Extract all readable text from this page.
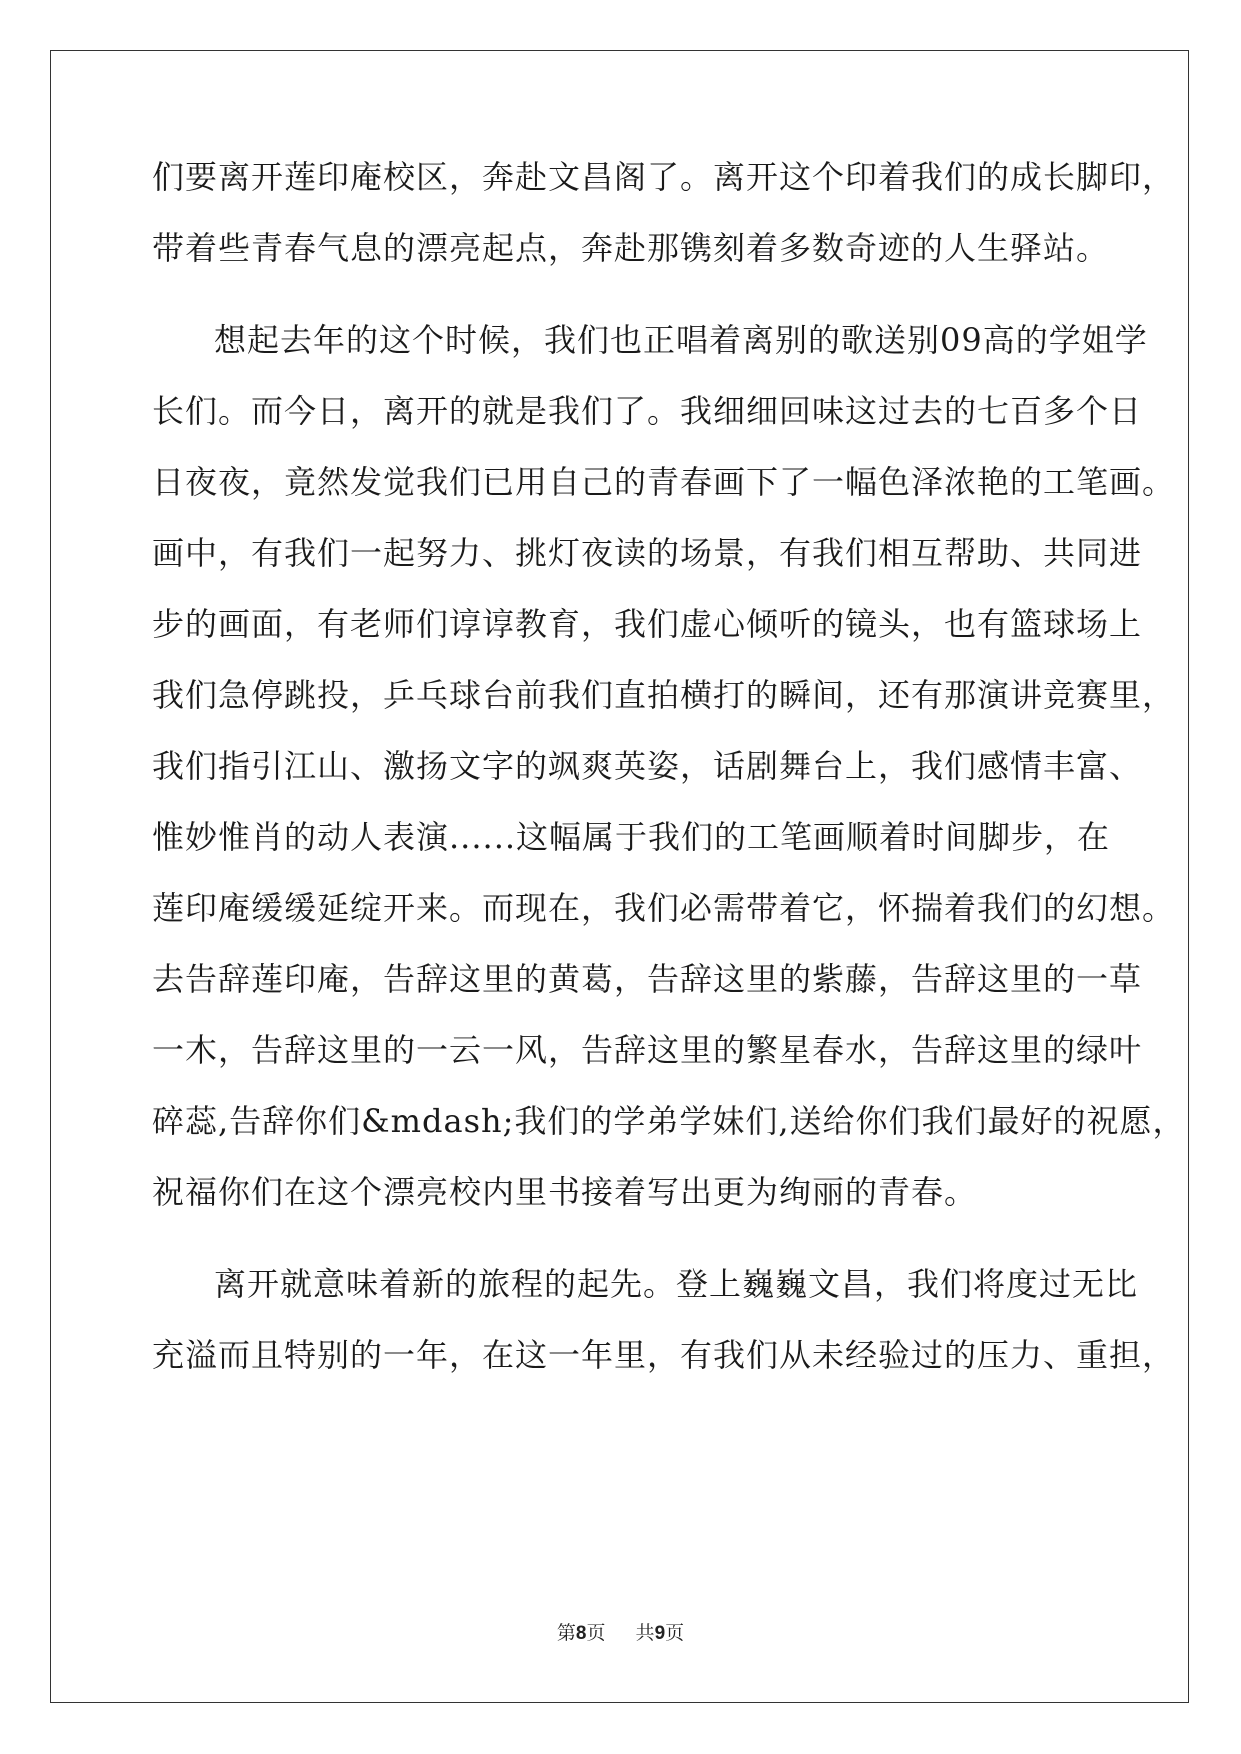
们要离开莲印庵校区，奔赴文昌阁了。离开这个印着我们的成长脚印，
带着些青春气息的漂亮起点，奔赴那镌刻着多数奇迹的人生驿站。
想起去年的这个时候，我们也正唱着离别的歌送别09高的学姐学
长们。而今日，离开的就是我们了。我细细回味这过去的七百多个日
日夜夜，竟然发觉我们已用自己的青春画下了一幅色泽浓艳的工笔画。
画中，有我们一起努力、挑灯夜读的场景，有我们相互帮助、共同进
步的画面，有老师们谆谆教育，我们虚心倾听的镜头，也有篮球场上
我们急停跳投，乒乓球台前我们直拍横打的瞬间，还有那演讲竞赛里，
我们指引江山、激扬文字的飒爽英姿，话剧舞台上，我们感情丰富、
惟妙惟肖的动人表演......这幅属于我们的工笔画顺着时间脚步，在
莲印庵缓缓延绽开来。而现在，我们必需带着它，怀揣着我们的幻想。
去告辞莲印庵，告辞这里的黄葛，告辞这里的紫藤，告辞这里的一草
一木，告辞这里的一云一风，告辞这里的繁星春水，告辞这里的绿叶
碎蕊,告辞你们&mdash;我们的学弟学妹们,送给你们我们最好的祝愿，
祝福你们在这个漂亮校内里书接着写出更为绚丽的青春。
离开就意味着新的旅程的起先。登上巍巍文昌，我们将度过无比
充溢而且特别的一年，在这一年里，有我们从未经验过的压力、重担，
第8页 共9页
